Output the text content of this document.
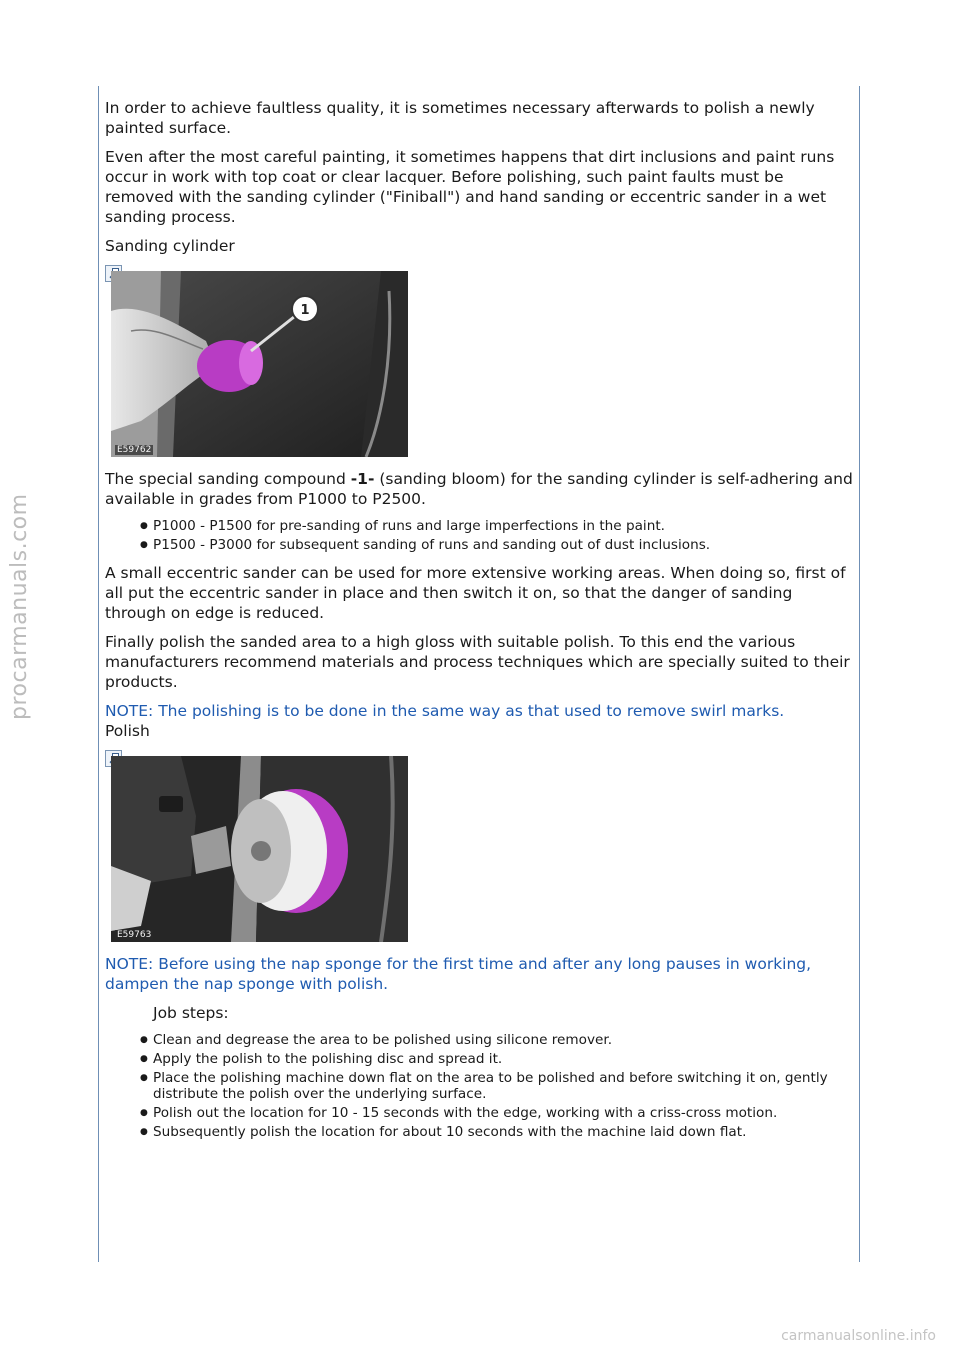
In order to achieve faultless quality, it is sometimes necessary afterwards to polish a newly painted surface.

Even after the most careful painting, it sometimes happens that dirt inclusions and paint runs occur in work with top coat or clear lacquer. Before polishing, such paint faults must be removed with the sanding cylinder ("Finiball") and hand sanding or eccentric sander in a wet sanding process.

Sanding cylinder

1
E59762

The special sanding compound -1- (sanding bloom) for the sanding cylinder is self-adhering and available in grades from P1000 to P2500.

● P1000 - P1500 for pre-sanding of runs and large imperfections in the paint.
● P1500 - P3000 for subsequent sanding of runs and sanding out of dust inclusions.

A small eccentric sander can be used for more extensive working areas. When doing so, first of all put the eccentric sander in place and then switch it on, so that the danger of sanding through on edge is reduced.

Finally polish the sanded area to a high gloss with suitable polish. To this end the various manufacturers recommend materials and process techniques which are specially suited to their products.

NOTE: The polishing is to be done in the same way as that used to remove swirl marks.

Polish

E59763

NOTE: Before using the nap sponge for the first time and after any long pauses in working, dampen the nap sponge with polish.

Job steps:

● Clean and degrease the area to be polished using silicone remover.
● Apply the polish to the polishing disc and spread it.
● Place the polishing machine down flat on the area to be polished and before switching it on, gently distribute the polish over the underlying surface.
● Polish out the location for 10 - 15 seconds with the edge, working with a criss-cross motion.
● Subsequently polish the location for about 10 seconds with the machine laid down flat.
procarmanuals.com
carmanualsonline.info
